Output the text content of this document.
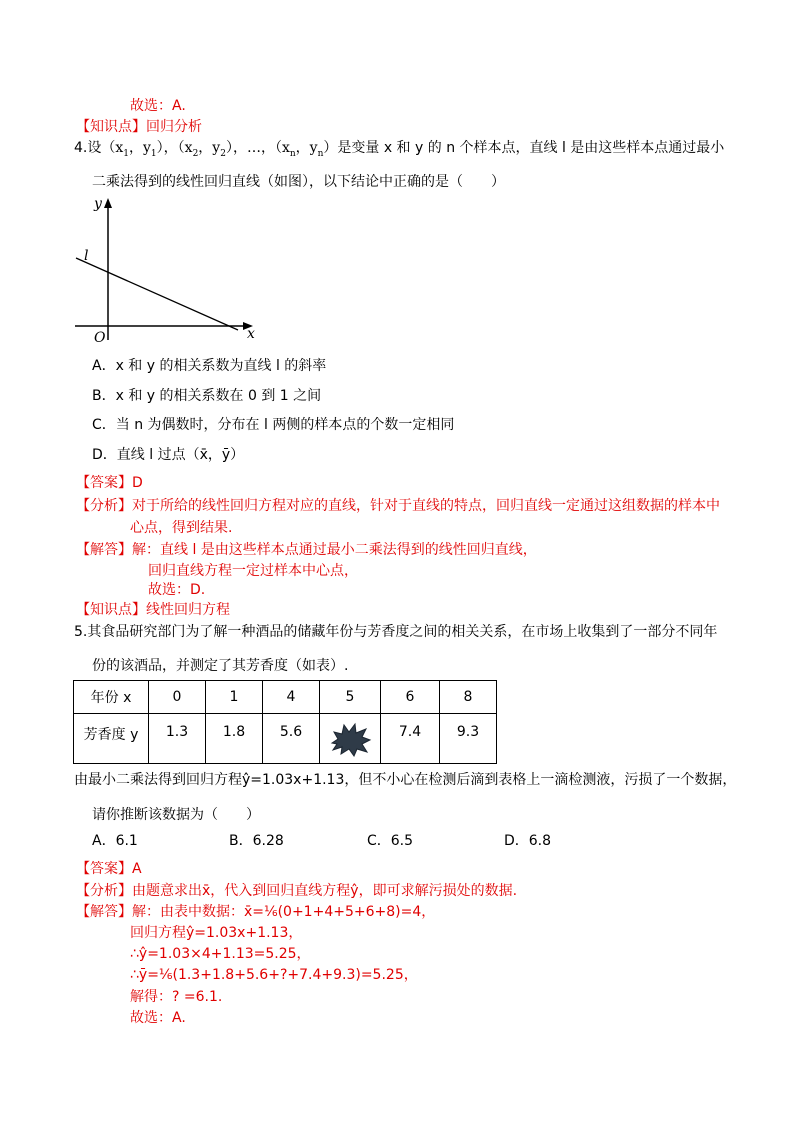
故选：A.
【知识点】回归分析
4.设（$x_1$，$y_1$），（$x_2$，$y_2$），…，（$x_n$，$y_n$）是变量 x 和 y 的 n 个样本点，直线 l 是由这些样本点通过最小
二乘法得到的线性回归直线（如图），以下结论中正确的是（　　）
y
x
O
l
A．x 和 y 的相关系数为直线 l 的斜率
B．x 和 y 的相关系数在 0 到 1 之间
C．当 n 为偶数时，分布在 l 两侧的样本点的个数一定相同
D．直线 l 过点（x̄，ȳ）
【答案】D
【分析】对于所给的线性回归方程对应的直线，针对于直线的特点，回归直线一定通过这组数据的样本中
心点，得到结果.
【解答】解：直线 l 是由这些样本点通过最小二乘法得到的线性回归直线，
回归直线方程一定过样本中心点，
故选：D.
【知识点】线性回归方程
5.其食品研究部门为了解一种酒品的储藏年份与芳香度之间的相关关系，在市场上收集到了一部分不同年
份的该酒品，并测定了其芳香度（如表）.
年份 x	0	1	4	5	6	8
芳香度 y	1.3	1.8	5.6		7.4	9.3
由最小二乘法得到回归方程ŷ=1.03x+1.13，但不小心在检测后滴到表格上一滴检测液，污损了一个数据，
请你推断该数据为（　　）
A．6.1	B．6.28	C．6.5	D．6.8
【答案】A
【分析】由题意求出x̄，代入到回归直线方程ŷ，即可求解污损处的数据.
【解答】解：由表中数据：x̄=⅙(0+1+4+5+6+8)=4，
回归方程ŷ=1.03x+1.13，
∴ŷ=1.03×4+1.13=5.25，
∴ȳ=⅙(1.3+1.8+5.6+?+7.4+9.3)=5.25，
解得：? =6.1.
故选：A.
